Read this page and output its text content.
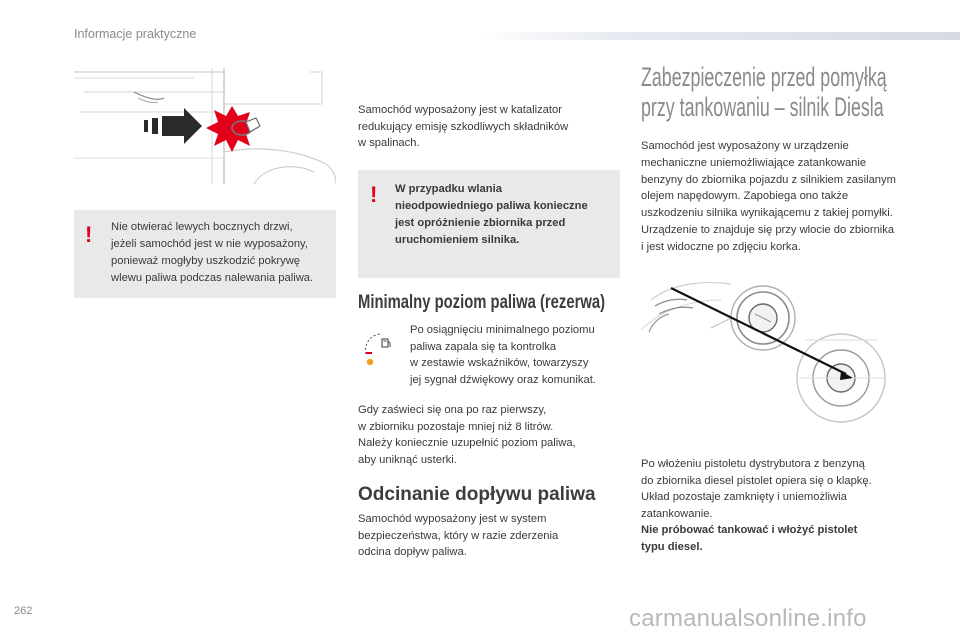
Informacje praktyczne
! Nie otwierać lewych bocznych drzwi,
jeżeli samochód jest w nie wyposażony,
ponieważ mogłyby uszkodzić pokrywę
wlewu paliwa podczas nalewania paliwa.
Samochód wyposażony jest w katalizator
redukujący emisję szkodliwych składników
w spalinach.
! W przypadku wlania
nieodpowiedniego paliwa konieczne
jest opróżnienie zbiornika przed
uruchomieniem silnika.
Minimalny poziom paliwa (rezerwa)
Po osiągnięciu minimalnego poziomu
paliwa zapala się ta kontrolka
w zestawie wskaźników, towarzyszy
jej sygnał dźwiękowy oraz komunikat.
Gdy zaświeci się ona po raz pierwszy,
w zbiorniku pozostaje mniej niż 8 litrów.
Należy koniecznie uzupełnić poziom paliwa,
aby uniknąć usterki.
Odcinanie dopływu paliwa
Samochód wyposażony jest w system
bezpieczeństwa, który w razie zderzenia
odcina dopływ paliwa.
Zabezpieczenie przed pomyłką
przy tankowaniu – silnik Diesla
Samochód jest wyposażony w urządzenie
mechaniczne uniemożliwiające zatankowanie
benzyny do zbiornika pojazdu z silnikiem zasilanym
olejem napędowym. Zapobiega ono także
uszkodzeniu silnika wynikającemu z takiej pomyłki.
Urządzenie to znajduje się przy wlocie do zbiornika
i jest widoczne po zdjęciu korka.
Po włożeniu pistoletu dystrybutora z benzyną
do zbiornika diesel pistolet opiera się o klapkę.
Układ pozostaje zamknięty i uniemożliwia
zatankowanie.
Nie próbować tankować i włożyć pistolet
typu diesel.
262	carmanualsonline.info
